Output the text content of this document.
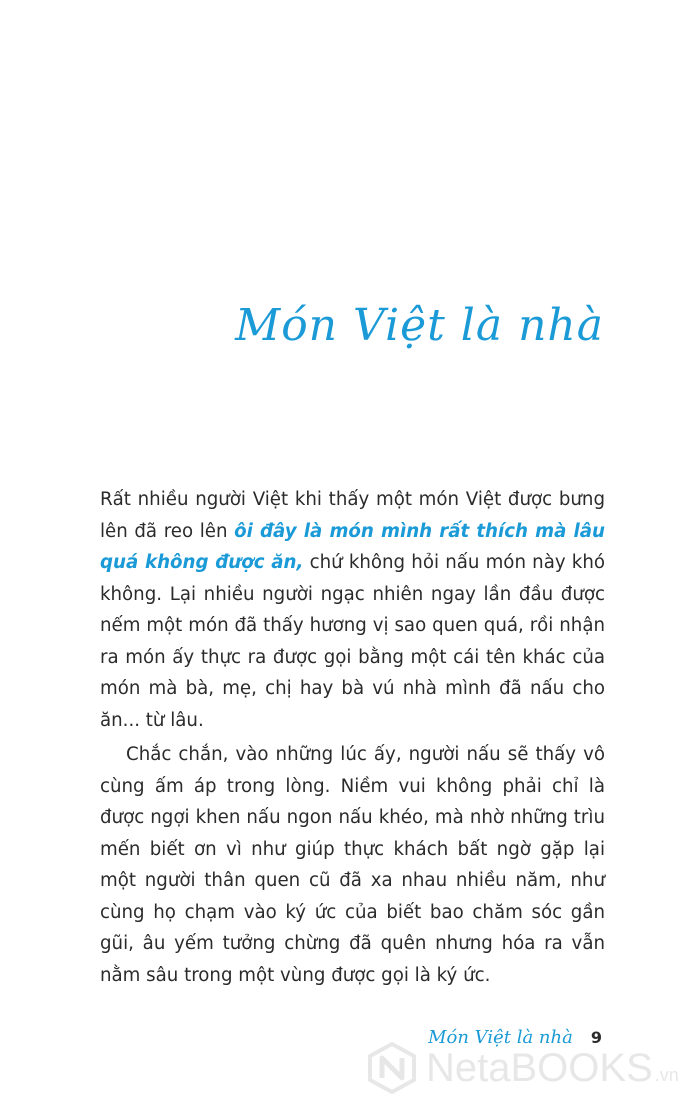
Món Việt là nhà

Rất nhiều người Việt khi thấy một món Việt được bưng lên đã reo lên ôi đây là món mình rất thích mà lâu quá không được ăn, chứ không hỏi nấu món này khó không. Lại nhiều người ngạc nhiên ngay lần đầu được nếm một món đã thấy hương vị sao quen quá, rồi nhận ra món ấy thực ra được gọi bằng một cái tên khác của món mà bà, mẹ, chị hay bà vú nhà mình đã nấu cho ăn... từ lâu.

Chắc chắn, vào những lúc ấy, người nấu sẽ thấy vô cùng ấm áp trong lòng. Niềm vui không phải chỉ là được ngợi khen nấu ngon nấu khéo, mà nhờ những trìu mến biết ơn vì như giúp thực khách bất ngờ gặp lại một người thân quen cũ đã xa nhau nhiều năm, như cùng họ chạm vào ký ức của biết bao chăm sóc gần gũi, âu yếm tưởng chừng đã quên nhưng hóa ra vẫn nằm sâu trong một vùng được gọi là ký ức.

Món Việt là nhà 9
NetaBOOKS .vn
